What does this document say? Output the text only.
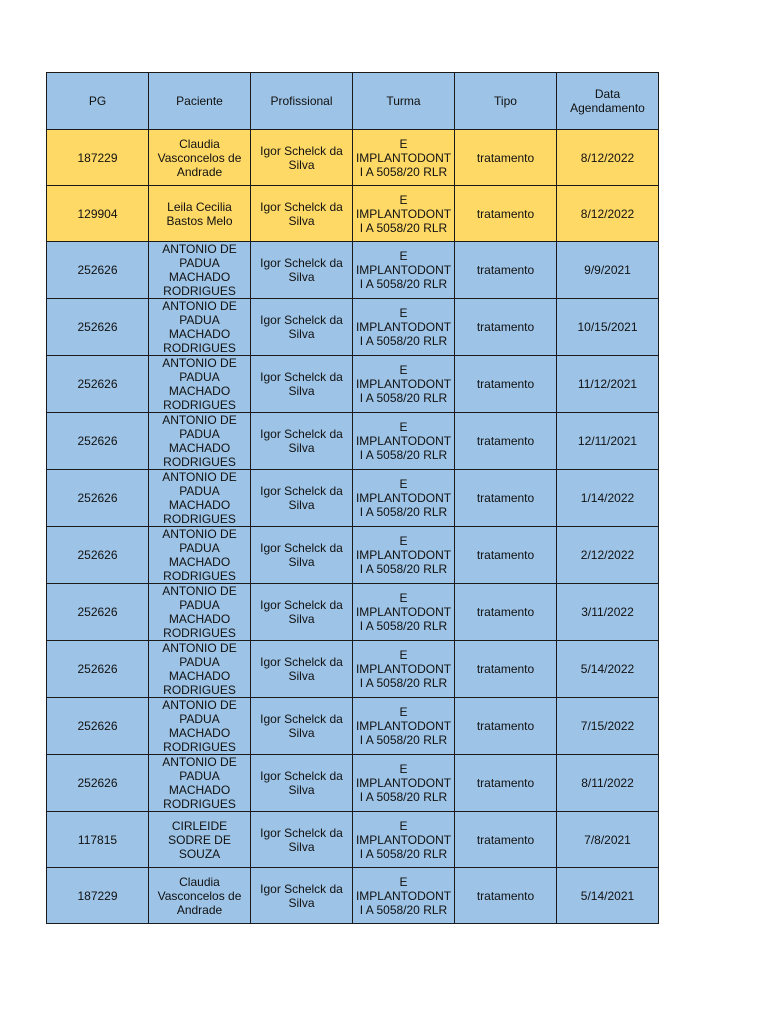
PG	Paciente	Profissional	Turma	Tipo	Data Agendamento
187229	Claudia Vasconcelos de Andrade	Igor Schelck da Silva	E IMPLANTODONTI A 5058/20 RLR	tratamento	8/12/2022
129904	Leila Cecilia Bastos Melo	Igor Schelck da Silva	E IMPLANTODONTI A 5058/20 RLR	tratamento	8/12/2022
252626	ANTONIO DE PADUA MACHADO RODRIGUES	Igor Schelck da Silva	E IMPLANTODONTI A 5058/20 RLR	tratamento	9/9/2021
252626	ANTONIO DE PADUA MACHADO RODRIGUES	Igor Schelck da Silva	E IMPLANTODONTI A 5058/20 RLR	tratamento	10/15/2021
252626	ANTONIO DE PADUA MACHADO RODRIGUES	Igor Schelck da Silva	E IMPLANTODONTI A 5058/20 RLR	tratamento	11/12/2021
252626	ANTONIO DE PADUA MACHADO RODRIGUES	Igor Schelck da Silva	E IMPLANTODONTI A 5058/20 RLR	tratamento	12/11/2021
252626	ANTONIO DE PADUA MACHADO RODRIGUES	Igor Schelck da Silva	E IMPLANTODONTI A 5058/20 RLR	tratamento	1/14/2022
252626	ANTONIO DE PADUA MACHADO RODRIGUES	Igor Schelck da Silva	E IMPLANTODONTI A 5058/20 RLR	tratamento	2/12/2022
252626	ANTONIO DE PADUA MACHADO RODRIGUES	Igor Schelck da Silva	E IMPLANTODONTI A 5058/20 RLR	tratamento	3/11/2022
252626	ANTONIO DE PADUA MACHADO RODRIGUES	Igor Schelck da Silva	E IMPLANTODONTI A 5058/20 RLR	tratamento	5/14/2022
252626	ANTONIO DE PADUA MACHADO RODRIGUES	Igor Schelck da Silva	E IMPLANTODONTI A 5058/20 RLR	tratamento	7/15/2022
252626	ANTONIO DE PADUA MACHADO RODRIGUES	Igor Schelck da Silva	E IMPLANTODONTI A 5058/20 RLR	tratamento	8/11/2022
117815	CIRLEIDE SODRE DE SOUZA	Igor Schelck da Silva	E IMPLANTODONTI A 5058/20 RLR	tratamento	7/8/2021
187229	Claudia Vasconcelos de Andrade	Igor Schelck da Silva	E IMPLANTODONTI A 5058/20 RLR	tratamento	5/14/2021
